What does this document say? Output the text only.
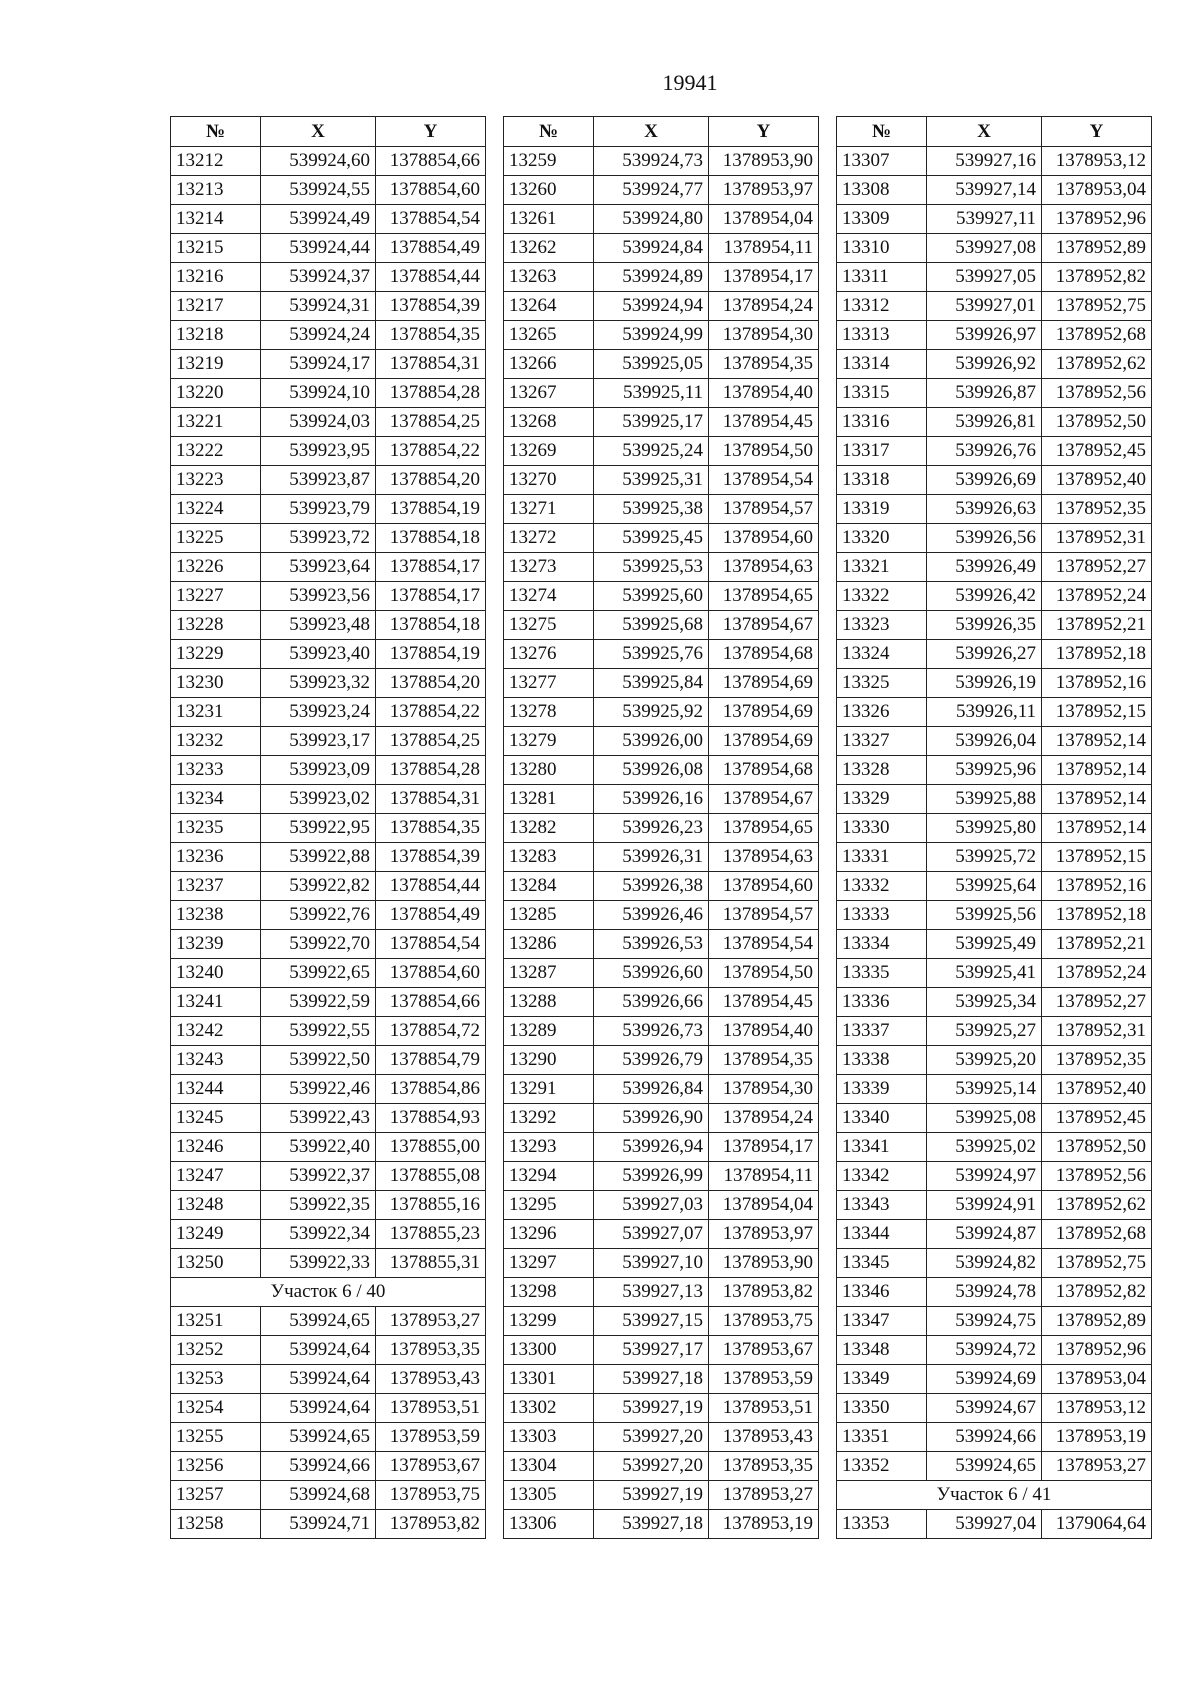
19941
№	X	Y
13212	539924,60	1378854,66
13213	539924,55	1378854,60
13214	539924,49	1378854,54
13215	539924,44	1378854,49
13216	539924,37	1378854,44
13217	539924,31	1378854,39
13218	539924,24	1378854,35
13219	539924,17	1378854,31
13220	539924,10	1378854,28
13221	539924,03	1378854,25
13222	539923,95	1378854,22
13223	539923,87	1378854,20
13224	539923,79	1378854,19
13225	539923,72	1378854,18
13226	539923,64	1378854,17
13227	539923,56	1378854,17
13228	539923,48	1378854,18
13229	539923,40	1378854,19
13230	539923,32	1378854,20
13231	539923,24	1378854,22
13232	539923,17	1378854,25
13233	539923,09	1378854,28
13234	539923,02	1378854,31
13235	539922,95	1378854,35
13236	539922,88	1378854,39
13237	539922,82	1378854,44
13238	539922,76	1378854,49
13239	539922,70	1378854,54
13240	539922,65	1378854,60
13241	539922,59	1378854,66
13242	539922,55	1378854,72
13243	539922,50	1378854,79
13244	539922,46	1378854,86
13245	539922,43	1378854,93
13246	539922,40	1378855,00
13247	539922,37	1378855,08
13248	539922,35	1378855,16
13249	539922,34	1378855,23
13250	539922,33	1378855,31
Участок 6 / 40		
13251	539924,65	1378953,27
13252	539924,64	1378953,35
13253	539924,64	1378953,43
13254	539924,64	1378953,51
13255	539924,65	1378953,59
13256	539924,66	1378953,67
13257	539924,68	1378953,75
13258	539924,71	1378953,82
№	X	Y
13259	539924,73	1378953,90
13260	539924,77	1378953,97
13261	539924,80	1378954,04
13262	539924,84	1378954,11
13263	539924,89	1378954,17
13264	539924,94	1378954,24
13265	539924,99	1378954,30
13266	539925,05	1378954,35
13267	539925,11	1378954,40
13268	539925,17	1378954,45
13269	539925,24	1378954,50
13270	539925,31	1378954,54
13271	539925,38	1378954,57
13272	539925,45	1378954,60
13273	539925,53	1378954,63
13274	539925,60	1378954,65
13275	539925,68	1378954,67
13276	539925,76	1378954,68
13277	539925,84	1378954,69
13278	539925,92	1378954,69
13279	539926,00	1378954,69
13280	539926,08	1378954,68
13281	539926,16	1378954,67
13282	539926,23	1378954,65
13283	539926,31	1378954,63
13284	539926,38	1378954,60
13285	539926,46	1378954,57
13286	539926,53	1378954,54
13287	539926,60	1378954,50
13288	539926,66	1378954,45
13289	539926,73	1378954,40
13290	539926,79	1378954,35
13291	539926,84	1378954,30
13292	539926,90	1378954,24
13293	539926,94	1378954,17
13294	539926,99	1378954,11
13295	539927,03	1378954,04
13296	539927,07	1378953,97
13297	539927,10	1378953,90
13298	539927,13	1378953,82
13299	539927,15	1378953,75
13300	539927,17	1378953,67
13301	539927,18	1378953,59
13302	539927,19	1378953,51
13303	539927,20	1378953,43
13304	539927,20	1378953,35
13305	539927,19	1378953,27
13306	539927,18	1378953,19
№	X	Y
13307	539927,16	1378953,12
13308	539927,14	1378953,04
13309	539927,11	1378952,96
13310	539927,08	1378952,89
13311	539927,05	1378952,82
13312	539927,01	1378952,75
13313	539926,97	1378952,68
13314	539926,92	1378952,62
13315	539926,87	1378952,56
13316	539926,81	1378952,50
13317	539926,76	1378952,45
13318	539926,69	1378952,40
13319	539926,63	1378952,35
13320	539926,56	1378952,31
13321	539926,49	1378952,27
13322	539926,42	1378952,24
13323	539926,35	1378952,21
13324	539926,27	1378952,18
13325	539926,19	1378952,16
13326	539926,11	1378952,15
13327	539926,04	1378952,14
13328	539925,96	1378952,14
13329	539925,88	1378952,14
13330	539925,80	1378952,14
13331	539925,72	1378952,15
13332	539925,64	1378952,16
13333	539925,56	1378952,18
13334	539925,49	1378952,21
13335	539925,41	1378952,24
13336	539925,34	1378952,27
13337	539925,27	1378952,31
13338	539925,20	1378952,35
13339	539925,14	1378952,40
13340	539925,08	1378952,45
13341	539925,02	1378952,50
13342	539924,97	1378952,56
13343	539924,91	1378952,62
13344	539924,87	1378952,68
13345	539924,82	1378952,75
13346	539924,78	1378952,82
13347	539924,75	1378952,89
13348	539924,72	1378952,96
13349	539924,69	1378953,04
13350	539924,67	1378953,12
13351	539924,66	1378953,19
13352	539924,65	1378953,27
Участок 6 / 41		
13353	539927,04	1379064,64
